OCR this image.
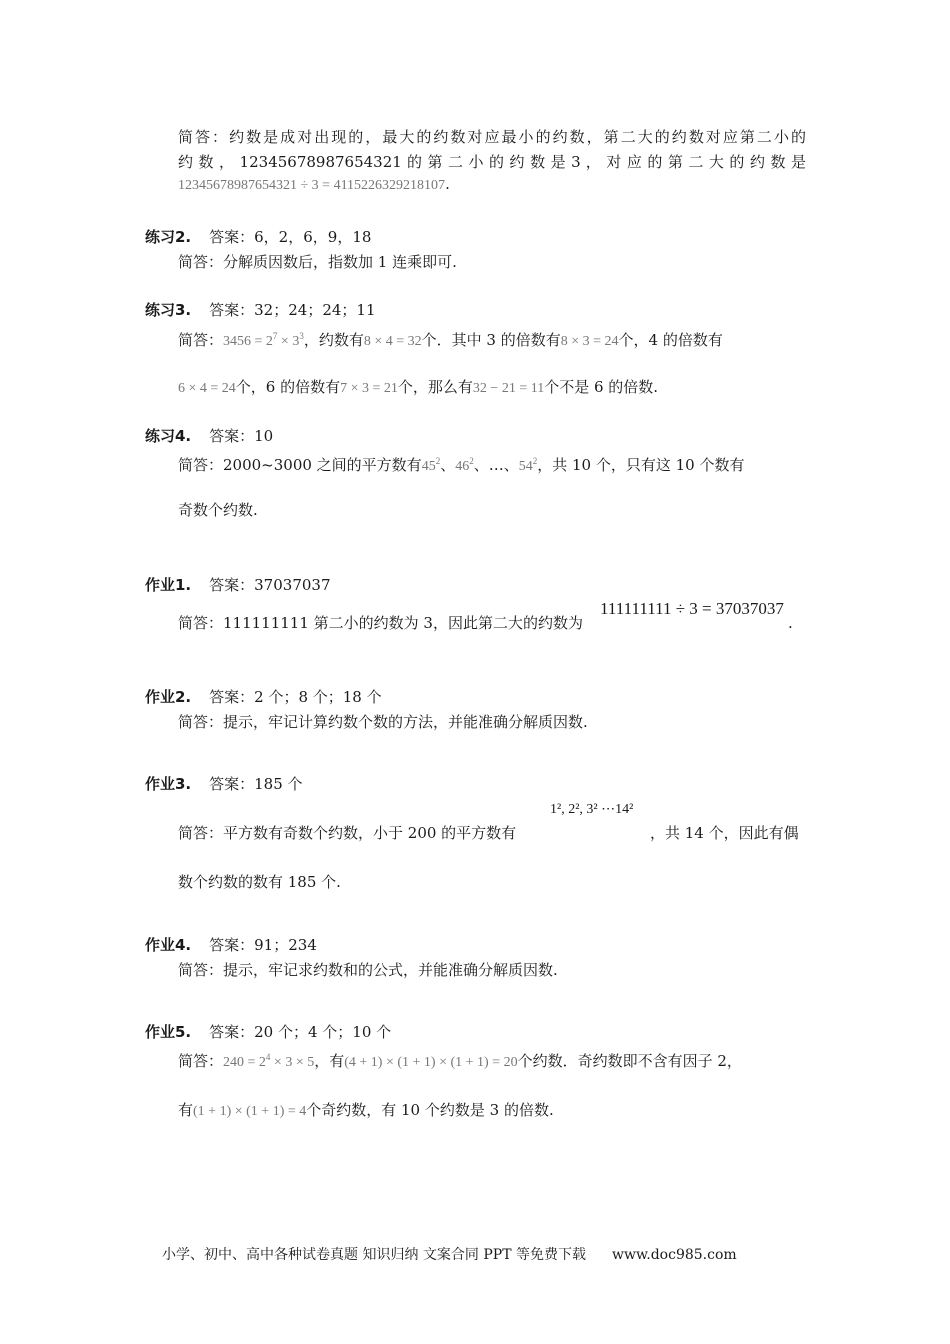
简答：约数是成对出现的，最大的约数对应最小的约数，第二大的约数对应第二小的
约 数 ， 12345678987654321 的 第 二 小 的 约 数 是 3 ， 对 应 的 第 二 大 的 约 数 是
12345678987654321 ÷ 3 = 4115226329218107.
练习2. 答案：6，2，6，9，18
简答：分解质因数后，指数加 1 连乘即可.
练习3. 答案：32；24；24；11
简答：$3456 = 2^7 \times 3^3$，约数有8 × 4 = 32个．其中 3 的倍数有8 × 3 = 24个，4 的倍数有
6 × 4 = 24个，6 的倍数有7 × 3 = 21个，那么有32 − 21 = 11个不是 6 的倍数.
练习4. 答案：10
简答：2000~3000 之间的平方数有$45^2$、$46^2$、…、$54^2$，共 10 个，只有这 10 个数有
奇数个约数.
作业1. 答案：37037037
简答：111111111 第二小的约数为 3，因此第二大的约数为
111111111 ÷ 3 = 37037037
.
作业2. 答案：2 个；8 个；18 个
简答：提示，牢记计算约数个数的方法，并能准确分解质因数.
作业3. 答案：185 个
1², 2², 3² ⋯14²
简答：平方数有奇数个约数，小于 200 的平方数有	，共 14 个，因此有偶
数个约数的数有 185 个.
作业4. 答案：91；234
简答：提示，牢记求约数和的公式，并能准确分解质因数.
作业5. 答案：20 个；4 个；10 个
简答：$240 = 2^4 \times 3 \times 5$，有(4 + 1) × (1 + 1) × (1 + 1) = 20个约数．奇约数即不含有因子 2，
有(1 + 1) × (1 + 1) = 4个奇约数，有 10 个约数是 3 的倍数.
小学、初中、高中各种试卷真题 知识归纳 文案合同 PPT 等免费下载 www.doc985.com
